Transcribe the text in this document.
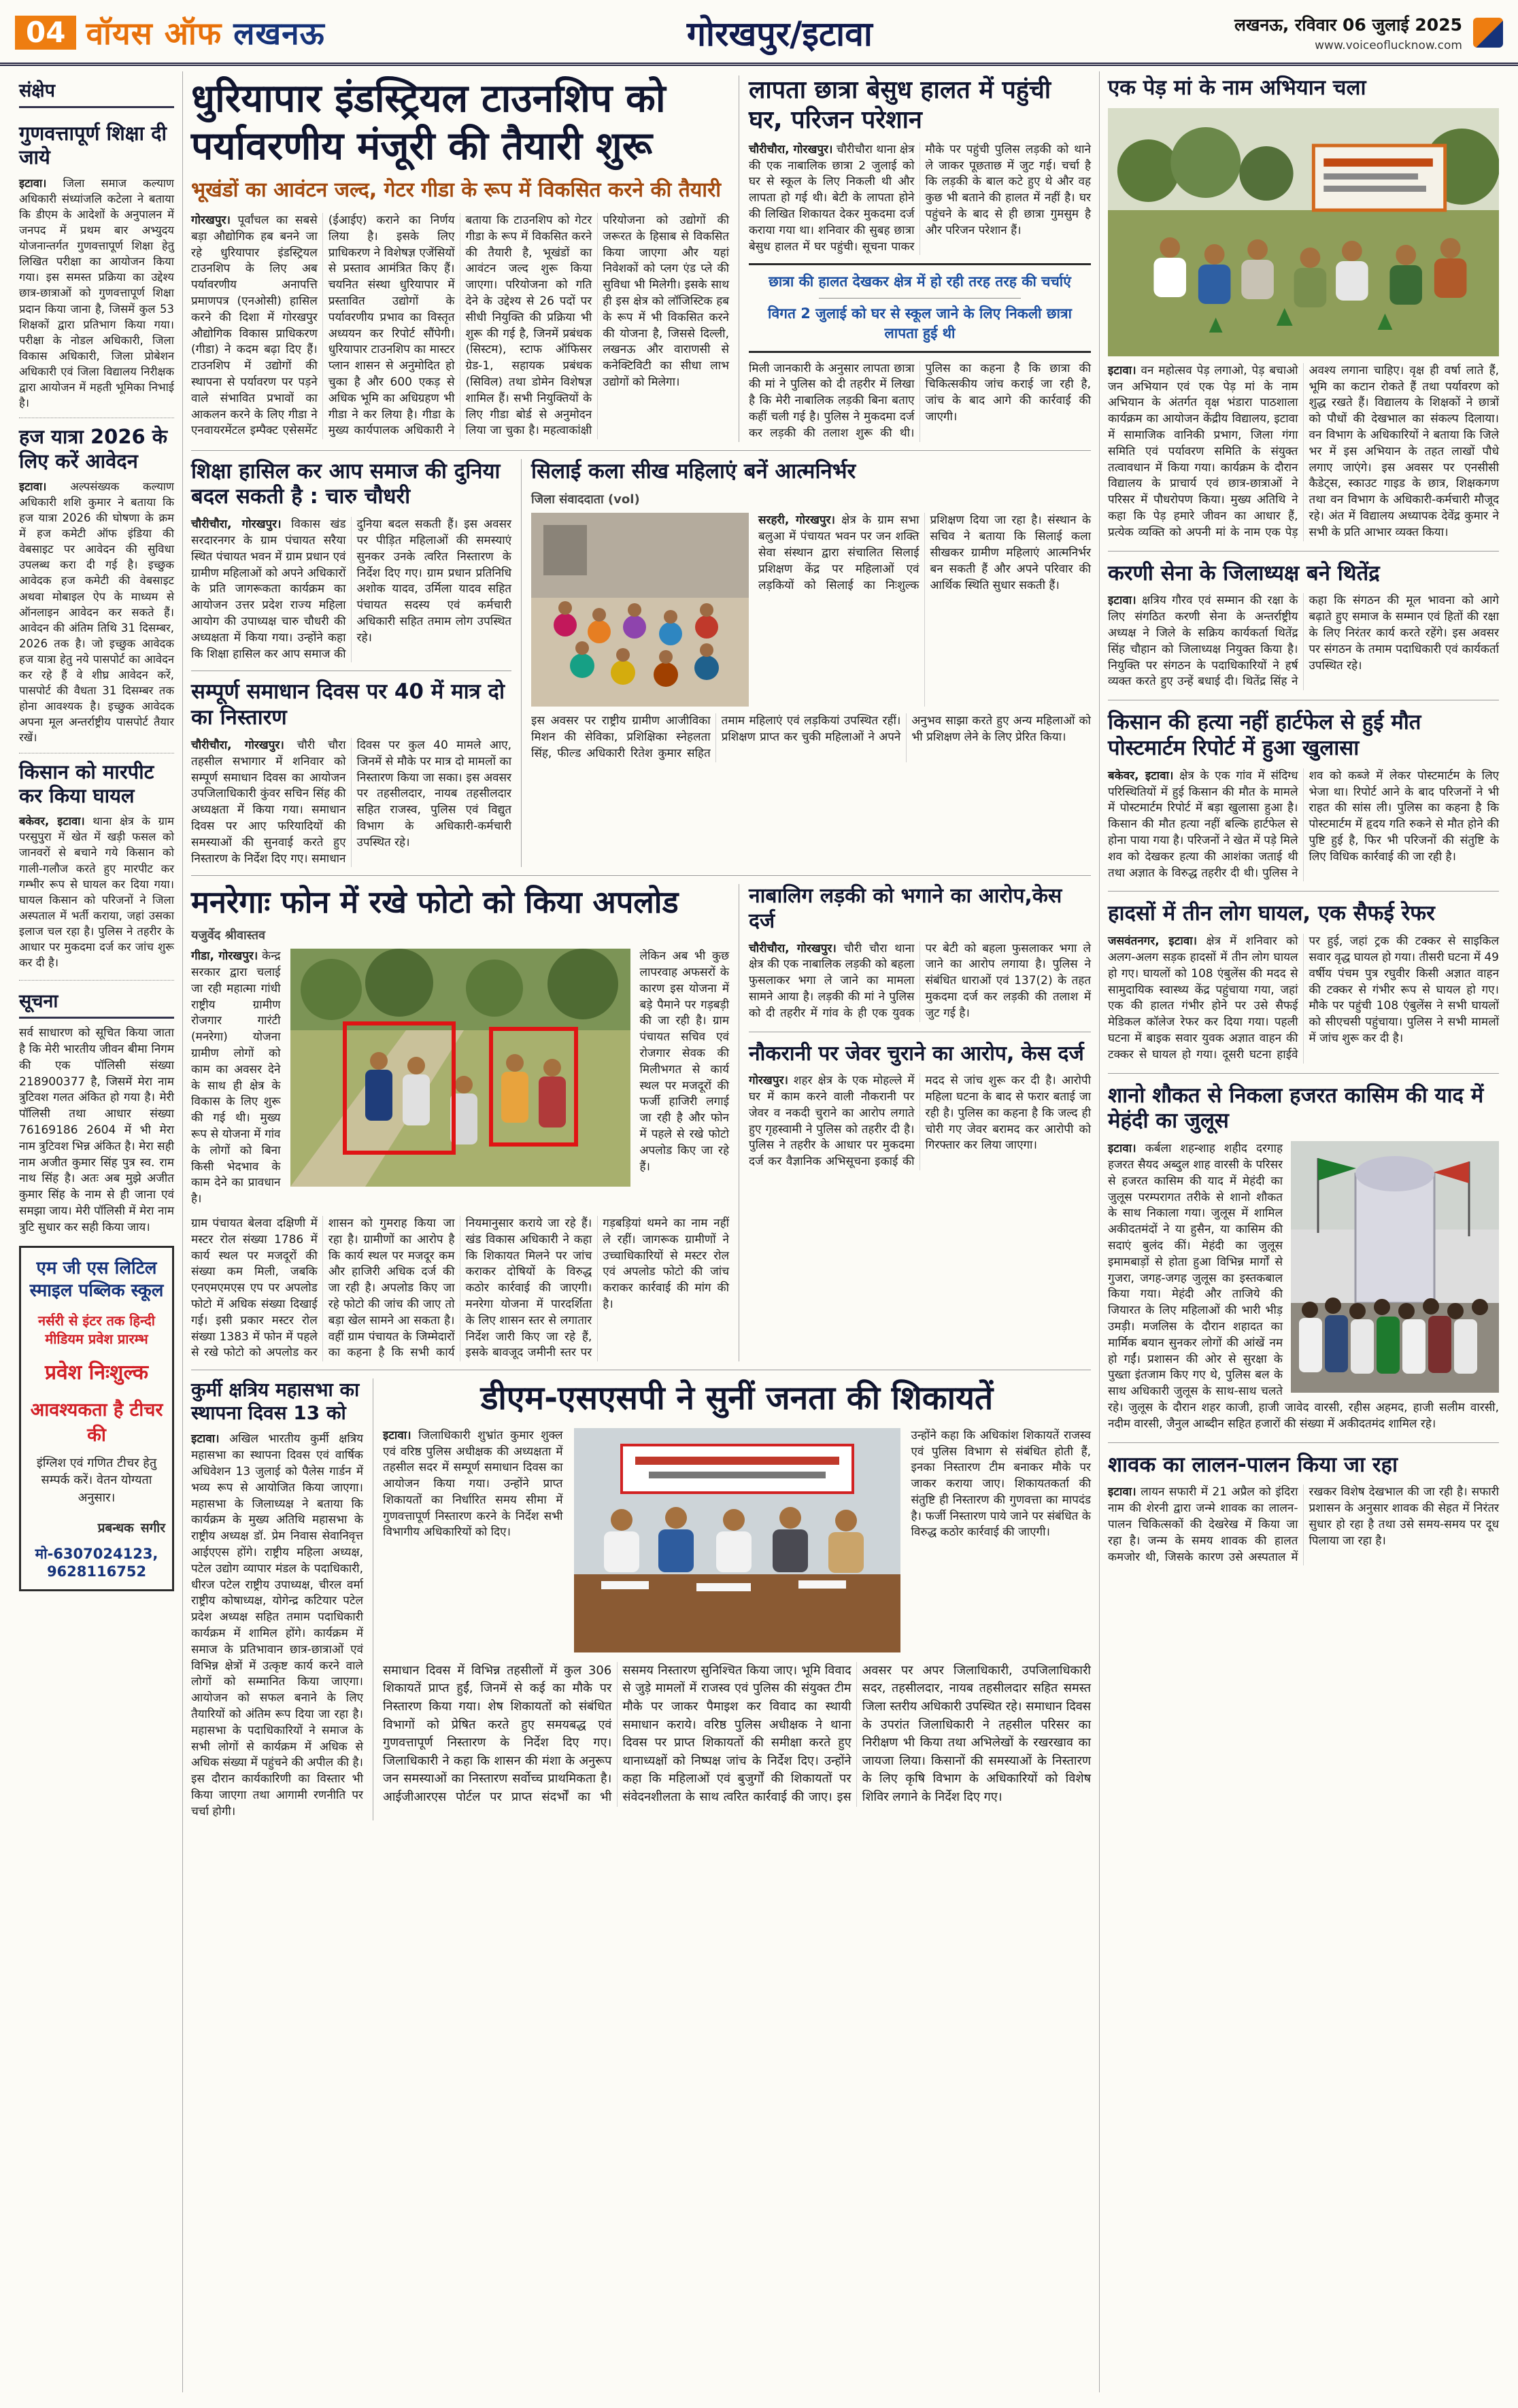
04 वॉयस ऑफ लखनऊ	गोरखपुर/इटावा	लखनऊ, रविवार 06 जुलाई 2025
www.voiceoflucknow.com
संक्षेप
गुणवत्तापूर्ण शिक्षा दी जाये

इटावा। जिला समाज कल्याण अधिकारी संध्यांजलि कटेला ने बताया कि डीएम के आदेशों के अनुपालन में जनपद में प्रथम बार अभ्युदय योजनान्तर्गत गुणवत्तापूर्ण शिक्षा हेतु लिखित परीक्षा का आयोजन किया गया। इस समस्त प्रक्रिया का उद्देश्य छात्र-छात्राओं को गुणवत्तापूर्ण शिक्षा प्रदान किया जाना है, जिसमें कुल 53 शिक्षकों द्वारा प्रतिभाग किया गया। परीक्षा के नोडल अधिकारी, जिला विकास अधिकारी, जिला प्रोबेशन अधिकारी एवं जिला विद्यालय निरीक्षक द्वारा आयोजन में महती भूमिका निभाई है।

हज यात्रा 2026 के लिए करें आवेदन

इटावा। अल्पसंख्यक कल्याण अधिकारी शशि कुमार ने बताया कि हज यात्रा 2026 की घोषणा के क्रम में हज कमेटी ऑफ इंडिया की वेबसाइट पर आवेदन की सुविधा उपलब्ध करा दी गई है। इच्छुक आवेदक हज कमेटी की वेबसाइट अथवा मोबाइल ऐप के माध्यम से ऑनलाइन आवेदन कर सकते हैं। आवेदन की अंतिम तिथि 31 दिसम्बर, 2026 तक है। जो इच्छुक आवेदक हज यात्रा हेतु नये पासपोर्ट का आवेदन कर रहे हैं वे शीघ्र आवेदन करें, पासपोर्ट की वैधता 31 दिसम्बर तक होना आवश्यक है। इच्छुक आवेदक अपना मूल अन्तर्राष्ट्रीय पासपोर्ट तैयार रखें।

किसान को मारपीट कर किया घायल

बकेवर, इटावा। थाना क्षेत्र के ग्राम परसुपुरा में खेत में खड़ी फसल को जानवरों से बचाने गये किसान को गाली-गलौज करते हुए मारपीट कर गम्भीर रूप से घायल कर दिया गया। घायल किसान को परिजनों ने जिला अस्पताल में भर्ती कराया, जहां उसका इलाज चल रहा है। पुलिस ने तहरीर के आधार पर मुकदमा दर्ज कर जांच शुरू कर दी है।

सूचना

सर्व साधारण को सूचित किया जाता है कि मेरी भारतीय जीवन बीमा निगम की एक पॉलिसी संख्या 218900377 है, जिसमें मेरा नाम त्रुटिवश गलत अंकित हो गया है। मेरी पॉलिसी तथा आधार संख्या 76169186 2604 में भी मेरा नाम त्रुटिवश भिन्न अंकित है। मेरा सही नाम अजीत कुमार सिंह पुत्र स्व. राम नाथ सिंह है। अतः अब मुझे अजीत कुमार सिंह के नाम से ही जाना एवं समझा जाय। मेरी पॉलिसी में मेरा नाम त्रुटि सुधार कर सही किया जाय।

एम जी एस लिटिल स्माइल पब्लिक स्कूल
नर्सरी से इंटर तक हिन्दी मीडियम प्रवेश प्रारम्भ
प्रवेश निःशुल्क
आवश्यकता है टीचर की
इंग्लिश एवं गणित टीचर हेतु सम्पर्क करें। वेतन योग्यता अनुसार।
प्रबन्धक सगीर
मो-6307024123, 9628116752
धुरियापार इंडस्ट्रियल टाउनशिप को पर्यावरणीय मंजूरी की तैयारी शुरू
भूखंडों का आवंटन जल्द, गेटर गीडा के रूप में विकसित करने की तैयारी

गोरखपुर। पूर्वांचल का सबसे बड़ा औद्योगिक हब बनने जा रहे धुरियापार इंडस्ट्रियल टाउनशिप के लिए अब पर्यावरणीय अनापत्ति प्रमाणपत्र (एनओसी) हासिल करने की दिशा में गोरखपुर औद्योगिक विकास प्राधिकरण (गीडा) ने कदम बढ़ा दिए हैं। टाउनशिप में उद्योगों की स्थापना से पर्यावरण पर पड़ने वाले संभावित प्रभावों का आकलन करने के लिए गीडा ने एनवायरमेंटल इम्पैक्ट एसेसमेंट (ईआईए) कराने का निर्णय लिया है। इसके लिए प्राधिकरण ने विशेषज्ञ एजेंसियों से प्रस्ताव आमंत्रित किए हैं। चयनित संस्था धुरियापार में प्रस्तावित उद्योगों के पर्यावरणीय प्रभाव का विस्तृत अध्ययन कर रिपोर्ट सौंपेगी। धुरियापार टाउनशिप का मास्टर प्लान शासन से अनुमोदित हो चुका है और 600 एकड़ से अधिक भूमि का अधिग्रहण भी गीडा ने कर लिया है। गीडा के मुख्य कार्यपालक अधिकारी ने बताया कि टाउनशिप को गेटर गीडा के रूप में विकसित करने की तैयारी है, भूखंडों का आवंटन जल्द शुरू किया जाएगा। परियोजना को गति देने के उद्देश्य से 26 पदों पर सीधी नियुक्ति की प्रक्रिया भी शुरू की गई है, जिनमें प्रबंधक (सिस्टम), स्टाफ ऑफिसर ग्रेड-1, सहायक प्रबंधक (सिविल) तथा डोमेन विशेषज्ञ शामिल हैं। सभी नियुक्तियों के लिए गीडा बोर्ड से अनुमोदन लिया जा चुका है। महत्वाकांक्षी परियोजना को उद्योगों की जरूरत के हिसाब से विकसित किया जाएगा और यहां निवेशकों को प्लग एंड प्ले की सुविधा भी मिलेगी। इसके साथ ही इस क्षेत्र को लॉजिस्टिक हब के रूप में भी विकसित करने की योजना है, जिससे दिल्ली, लखनऊ और वाराणसी से कनेक्टिविटी का सीधा लाभ उद्योगों को मिलेगा।

लापता छात्रा बेसुध हालत में पहुंची घर, परिजन परेशान

चौरीचौरा, गोरखपुर। चौरीचौरा थाना क्षेत्र की एक नाबालिक छात्रा 2 जुलाई को घर से स्कूल के लिए निकली थी और लापता हो गई थी। बेटी के लापता होने की लिखित शिकायत देकर मुकदमा दर्ज कराया गया था। शनिवार की सुबह छात्रा बेसुध हालत में घर पहुंची। सूचना पाकर मौके पर पहुंची पुलिस लड़की को थाने ले जाकर पूछताछ में जुट गई। चर्चा है कि लड़की के बाल कटे हुए थे और वह कुछ भी बताने की हालत में नहीं है। घर पहुंचने के बाद से ही छात्रा गुमसुम है और परिजन परेशान हैं।

छात्रा की हालत देखकर क्षेत्र में हो रही तरह तरह की चर्चाएं
विगत 2 जुलाई को घर से स्कूल जाने के लिए निकली छात्रा लापता हुई थी

मिली जानकारी के अनुसार लापता छात्रा की मां ने पुलिस को दी तहरीर में लिखा है कि मेरी नाबालिक लड़की बिना बताए कहीं चली गई है। पुलिस ने मुकदमा दर्ज कर लड़की की तलाश शुरू की थी। पुलिस का कहना है कि छात्रा की चिकित्सकीय जांच कराई जा रही है, जांच के बाद आगे की कार्रवाई की जाएगी।

शिक्षा हासिल कर आप समाज की दुनिया बदल सकती है : चारु चौधरी

चौरीचौरा, गोरखपुर। विकास खंड सरदारनगर के ग्राम पंचायत सरैया स्थित पंचायत भवन में ग्राम प्रधान एवं ग्रामीण महिलाओं को अपने अधिकारों के प्रति जागरूकता कार्यक्रम का आयोजन उत्तर प्रदेश राज्य महिला आयोग की उपाध्यक्ष चारु चौधरी की अध्यक्षता में किया गया। उन्होंने कहा कि शिक्षा हासिल कर आप समाज की दुनिया बदल सकती हैं। इस अवसर पर पीड़ित महिलाओं की समस्याएं सुनकर उनके त्वरित निस्तारण के निर्देश दिए गए। ग्राम प्रधान प्रतिनिधि अशोक यादव, उर्मिला यादव सहित पंचायत सदस्य एवं कर्मचारी अधिकारी सहित तमाम लोग उपस्थित रहे।

सम्पूर्ण समाधान दिवस पर 40 में मात्र दो का निस्तारण

चौरीचौरा, गोरखपुर। चौरी चौरा तहसील सभागार में शनिवार को सम्पूर्ण समाधान दिवस का आयोजन उपजिलाधिकारी कुंवर सचिन सिंह की अध्यक्षता में किया गया। समाधान दिवस पर आए फरियादियों की समस्याओं की सुनवाई करते हुए निस्तारण के निर्देश दिए गए। समाधान दिवस पर कुल 40 मामले आए, जिनमें से मौके पर मात्र दो मामलों का निस्तारण किया जा सका। इस अवसर पर तहसीलदार, नायब तहसीलदार सहित राजस्व, पुलिस एवं विद्युत विभाग के अधिकारी-कर्मचारी उपस्थित रहे।

सिलाई कला सीख महिलाएं बनें आत्मनिर्भर
जिला संवाददाता (vol)

सरहरी, गोरखपुर। क्षेत्र के ग्राम सभा बलुआ में पंचायत भवन पर जन शक्ति सेवा संस्थान द्वारा संचालित सिलाई प्रशिक्षण केंद्र पर महिलाओं एवं लड़कियों को सिलाई का निःशुल्क प्रशिक्षण दिया जा रहा है। संस्थान के सचिव ने बताया कि सिलाई कला सीखकर ग्रामीण महिलाएं आत्मनिर्भर बन सकती हैं और अपने परिवार की आर्थिक स्थिति सुधार सकती हैं।

इस अवसर पर राष्ट्रीय ग्रामीण आजीविका मिशन की सेविका, प्रशिक्षिका स्नेहलता सिंह, फील्ड अधिकारी रितेश कुमार सहित तमाम महिलाएं एवं लड़कियां उपस्थित रहीं। प्रशिक्षण प्राप्त कर चुकी महिलाओं ने अपने अनुभव साझा करते हुए अन्य महिलाओं को भी प्रशिक्षण लेने के लिए प्रेरित किया।

मनरेगाः फोन में रखे फोटो को किया अपलोड
यजुर्वेद श्रीवास्तव

गीडा, गोरखपुर। केन्द्र सरकार द्वारा चलाई जा रही महात्मा गांधी राष्ट्रीय ग्रामीण रोजगार गारंटी (मनरेगा) योजना ग्रामीण लोगों को काम का अवसर देने के साथ ही क्षेत्र के विकास के लिए शुरू की गई थी। मुख्य रूप से योजना में गांव के लोगों को बिना किसी भेदभाव के काम देने का प्रावधान है।

लेकिन अब भी कुछ लापरवाह अफसरों के कारण इस योजना में बड़े पैमाने पर गड़बड़ी की जा रही है। ग्राम पंचायत सचिव एवं रोजगार सेवक की मिलीभगत से कार्य स्थल पर मजदूरों की फर्जी हाजिरी लगाई जा रही है और फोन में पहले से रखे फोटो अपलोड किए जा रहे हैं।

ग्राम पंचायत बेलवा दक्षिणी में मस्टर रोल संख्या 1786 में कार्य स्थल पर मजदूरों की संख्या कम मिली, जबकि एनएमएमएस एप पर अपलोड फोटो में अधिक संख्या दिखाई गई। इसी प्रकार मस्टर रोल संख्या 1383 में फोन में पहले से रखे फोटो को अपलोड कर शासन को गुमराह किया जा रहा है। ग्रामीणों का आरोप है कि कार्य स्थल पर मजदूर कम और हाजिरी अधिक दर्ज की जा रही है। अपलोड किए जा रहे फोटो की जांच की जाए तो बड़ा खेल सामने आ सकता है। वहीं ग्राम पंचायत के जिम्मेदारों का कहना है कि सभी कार्य नियमानुसार कराये जा रहे हैं। खंड विकास अधिकारी ने कहा कि शिकायत मिलने पर जांच कराकर दोषियों के विरुद्ध कठोर कार्रवाई की जाएगी। मनरेगा योजना में पारदर्शिता के लिए शासन स्तर से लगातार निर्देश जारी किए जा रहे हैं, इसके बावजूद जमीनी स्तर पर गड़बड़ियां थमने का नाम नहीं ले रहीं। जागरूक ग्रामीणों ने उच्चाधिकारियों से मस्टर रोल एवं अपलोड फोटो की जांच कराकर कार्रवाई की मांग की है।

नाबालिग लड़की को भगाने का आरोप,केस दर्ज

चौरीचौरा, गोरखपुर। चौरी चौरा थाना क्षेत्र की एक नाबालिक लड़की को बहला फुसलाकर भगा ले जाने का मामला सामने आया है। लड़की की मां ने पुलिस को दी तहरीर में गांव के ही एक युवक पर बेटी को बहला फुसलाकर भगा ले जाने का आरोप लगाया है। पुलिस ने संबंधित धाराओं एवं 137(2) के तहत मुकदमा दर्ज कर लड़की की तलाश में जुट गई है।

नौकरानी पर जेवर चुराने का आरोप, केस दर्ज

गोरखपुर। शहर क्षेत्र के एक मोहल्ले में घर में काम करने वाली नौकरानी पर जेवर व नकदी चुराने का आरोप लगाते हुए गृहस्वामी ने पुलिस को तहरीर दी है। पुलिस ने तहरीर के आधार पर मुकदमा दर्ज कर वैज्ञानिक अभिसूचना इकाई की मदद से जांच शुरू कर दी है। आरोपी महिला घटना के बाद से फरार बताई जा रही है। पुलिस का कहना है कि जल्द ही चोरी गए जेवर बरामद कर आरोपी को गिरफ्तार कर लिया जाएगा।

कुर्मी क्षत्रिय महासभा का स्थापना दिवस 13 को

इटावा। अखिल भारतीय कुर्मी क्षत्रिय महासभा का स्थापना दिवस एवं वार्षिक अधिवेशन 13 जुलाई को पैलेस गार्डन में भव्य रूप से आयोजित किया जाएगा। महासभा के जिलाध्यक्ष ने बताया कि कार्यक्रम के मुख्य अतिथि महासभा के राष्ट्रीय अध्यक्ष डॉ. प्रेम निवास सेवानिवृत्त आईएएस होंगे। राष्ट्रीय महिला अध्यक्ष, पटेल उद्योग व्यापार मंडल के पदाधिकारी, धीरज पटेल राष्ट्रीय उपाध्यक्ष, चीरल वर्मा राष्ट्रीय कोषाध्यक्ष, योगेन्द्र कटियार पटेल प्रदेश अध्यक्ष सहित तमाम पदाधिकारी कार्यक्रम में शामिल होंगे। कार्यक्रम में समाज के प्रतिभावान छात्र-छात्राओं एवं विभिन्न क्षेत्रों में उत्कृष्ट कार्य करने वाले लोगों को सम्मानित किया जाएगा। आयोजन को सफल बनाने के लिए तैयारियों को अंतिम रूप दिया जा रहा है। महासभा के पदाधिकारियों ने समाज के सभी लोगों से कार्यक्रम में अधिक से अधिक संख्या में पहुंचने की अपील की है। इस दौरान कार्यकारिणी का विस्तार भी किया जाएगा तथा आगामी रणनीति पर चर्चा होगी।

डीएम-एसएसपी ने सुनीं जनता की शिकायतें

इटावा। जिलाधिकारी शुभ्रांत कुमार शुक्ल एवं वरिष्ठ पुलिस अधीक्षक की अध्यक्षता में तहसील सदर में सम्पूर्ण समाधान दिवस का आयोजन किया गया। उन्होंने प्राप्त शिकायतों का निर्धारित समय सीमा में गुणवत्तापूर्ण निस्तारण करने के निर्देश सभी विभागीय अधिकारियों को दिए।

उन्होंने कहा कि अधिकांश शिकायतें राजस्व एवं पुलिस विभाग से संबंधित होती हैं, इनका निस्तारण टीम बनाकर मौके पर जाकर कराया जाए। शिकायतकर्ता की संतुष्टि ही निस्तारण की गुणवत्ता का मापदंड है। फर्जी निस्तारण पाये जाने पर संबंधित के विरुद्ध कठोर कार्रवाई की जाएगी।

समाधान दिवस में विभिन्न तहसीलों में कुल 306 शिकायतें प्राप्त हुईं, जिनमें से कई का मौके पर निस्तारण किया गया। शेष शिकायतों को संबंधित विभागों को प्रेषित करते हुए समयबद्ध एवं गुणवत्तापूर्ण निस्तारण के निर्देश दिए गए। जिलाधिकारी ने कहा कि शासन की मंशा के अनुरूप जन समस्याओं का निस्तारण सर्वोच्च प्राथमिकता है। आईजीआरएस पोर्टल पर प्राप्त संदर्भों का भी ससमय निस्तारण सुनिश्चित किया जाए। भूमि विवाद से जुड़े मामलों में राजस्व एवं पुलिस की संयुक्त टीम मौके पर जाकर पैमाइश कर विवाद का स्थायी समाधान कराये। वरिष्ठ पुलिस अधीक्षक ने थाना दिवस पर प्राप्त शिकायतों की समीक्षा करते हुए थानाध्यक्षों को निष्पक्ष जांच के निर्देश दिए। उन्होंने कहा कि महिलाओं एवं बुजुर्गों की शिकायतों पर संवेदनशीलता के साथ त्वरित कार्रवाई की जाए। इस अवसर पर अपर जिलाधिकारी, उपजिलाधिकारी सदर, तहसीलदार, नायब तहसीलदार सहित समस्त जिला स्तरीय अधिकारी उपस्थित रहे। समाधान दिवस के उपरांत जिलाधिकारी ने तहसील परिसर का निरीक्षण भी किया तथा अभिलेखों के रखरखाव का जायजा लिया। किसानों की समस्याओं के निस्तारण के लिए कृषि विभाग के अधिकारियों को विशेष शिविर लगाने के निर्देश दिए गए।

एक पेड़ मां के नाम अभियान चला

इटावा। वन महोत्सव पेड़ लगाओ, पेड़ बचाओ जन अभियान एवं एक पेड़ मां के नाम अभियान के अंतर्गत वृक्ष भंडारा पाठशाला कार्यक्रम का आयोजन केंद्रीय विद्यालय, इटावा में सामाजिक वानिकी प्रभाग, जिला गंगा समिति एवं पर्यावरण समिति के संयुक्त तत्वावधान में किया गया। कार्यक्रम के दौरान विद्यालय के प्राचार्य एवं छात्र-छात्राओं ने परिसर में पौधरोपण किया। मुख्य अतिथि ने कहा कि पेड़ हमारे जीवन का आधार हैं, प्रत्येक व्यक्ति को अपनी मां के नाम एक पेड़ अवश्य लगाना चाहिए। वृक्ष ही वर्षा लाते हैं, भूमि का कटान रोकते हैं तथा पर्यावरण को शुद्ध रखते हैं। विद्यालय के शिक्षकों ने छात्रों को पौधों की देखभाल का संकल्प दिलाया। वन विभाग के अधिकारियों ने बताया कि जिले भर में इस अभियान के तहत लाखों पौधे लगाए जाएंगे। इस अवसर पर एनसीसी कैडेट्स, स्काउट गाइड के छात्र, शिक्षकगण तथा वन विभाग के अधिकारी-कर्मचारी मौजूद रहे। अंत में विद्यालय अध्यापक देवेंद्र कुमार ने सभी के प्रति आभार व्यक्त किया।

करणी सेना के जिलाध्यक्ष बने थितेंद्र

इटावा। क्षत्रिय गौरव एवं सम्मान की रक्षा के लिए संगठित करणी सेना के अन्तर्राष्ट्रीय अध्यक्ष ने जिले के सक्रिय कार्यकर्ता थितेंद्र सिंह चौहान को जिलाध्यक्ष नियुक्त किया है। नियुक्ति पर संगठन के पदाधिकारियों ने हर्ष व्यक्त करते हुए उन्हें बधाई दी। थितेंद्र सिंह ने कहा कि संगठन की मूल भावना को आगे बढ़ाते हुए समाज के सम्मान एवं हितों की रक्षा के लिए निरंतर कार्य करते रहेंगे। इस अवसर पर संगठन के तमाम पदाधिकारी एवं कार्यकर्ता उपस्थित रहे।

किसान की हत्या नहीं हार्टफेल से हुई मौत पोस्टमार्टम रिपोर्ट में हुआ खुलासा

बकेवर, इटावा। क्षेत्र के एक गांव में संदिग्ध परिस्थितियों में हुई किसान की मौत के मामले में पोस्टमार्टम रिपोर्ट में बड़ा खुलासा हुआ है। किसान की मौत हत्या नहीं बल्कि हार्टफेल से होना पाया गया है। परिजनों ने खेत में पड़े मिले शव को देखकर हत्या की आशंका जताई थी तथा अज्ञात के विरुद्ध तहरीर दी थी। पुलिस ने शव को कब्जे में लेकर पोस्टमार्टम के लिए भेजा था। रिपोर्ट आने के बाद परिजनों ने भी राहत की सांस ली। पुलिस का कहना है कि पोस्टमार्टम में हृदय गति रुकने से मौत होने की पुष्टि हुई है, फिर भी परिजनों की संतुष्टि के लिए विधिक कार्रवाई की जा रही है।

हादसों में तीन लोग घायल, एक सैफई रेफर

जसवंतनगर, इटावा। क्षेत्र में शनिवार को अलग-अलग सड़क हादसों में तीन लोग घायल हो गए। घायलों को 108 एंबुलेंस की मदद से सामुदायिक स्वास्थ्य केंद्र पहुंचाया गया, जहां एक की हालत गंभीर होने पर उसे सैफई मेडिकल कॉलेज रेफर कर दिया गया। पहली घटना में बाइक सवार युवक अज्ञात वाहन की टक्कर से घायल हो गया। दूसरी घटना हाईवे पर हुई, जहां ट्रक की टक्कर से साइकिल सवार वृद्ध घायल हो गया। तीसरी घटना में 49 वर्षीय पंचम पुत्र रघुवीर किसी अज्ञात वाहन की टक्कर से गंभीर रूप से घायल हो गए। मौके पर पहुंची 108 एंबुलेंस ने सभी घायलों को सीएचसी पहुंचाया। पुलिस ने सभी मामलों में जांच शुरू कर दी है।

शानो शौकत से निकला हजरत कासिम की याद में मेहंदी का जुलूस

इटावा। कर्बला शहन्शाह शहीद दरगाह हजरत सैयद अब्दुल शाह वारसी के परिसर से हजरत कासिम की याद में मेहंदी का जुलूस परम्परागत तरीके से शानो शौकत के साथ निकाला गया। जुलूस में शामिल अकीदतमंदों ने या हुसैन, या कासिम की सदाएं बुलंद कीं। मेहंदी का जुलूस इमामबाड़ों से होता हुआ विभिन्न मार्गों से गुजरा, जगह-जगह जुलूस का इस्तकबाल किया गया। मेहंदी और ताजिये की जियारत के लिए महिलाओं की भारी भीड़ उमड़ी। मजलिस के दौरान शहादत का मार्मिक बयान सुनकर लोगों की आंखें नम हो गईं। प्रशासन की ओर से सुरक्षा के पुख्ता इंतजाम किए गए थे, पुलिस बल के साथ अधिकारी जुलूस के साथ-साथ चलते रहे। जुलूस के दौरान शहर काजी, हाजी जावेद वारसी, रहीस अहमद, हाजी सलीम वारसी, नदीम वारसी, जैनुल आब्दीन सहित हजारों की संख्या में अकीदतमंद शामिल रहे।

शावक का लालन-पालन किया जा रहा

इटावा। लायन सफारी में 21 अप्रैल को इंदिरा नाम की शेरनी द्वारा जन्मे शावक का लालन-पालन चिकित्सकों की देखरेख में किया जा रहा है। जन्म के समय शावक की हालत कमजोर थी, जिसके कारण उसे अस्पताल में रखकर विशेष देखभाल की जा रही है। सफारी प्रशासन के अनुसार शावक की सेहत में निरंतर सुधार हो रहा है तथा उसे समय-समय पर दूध पिलाया जा रहा है।
